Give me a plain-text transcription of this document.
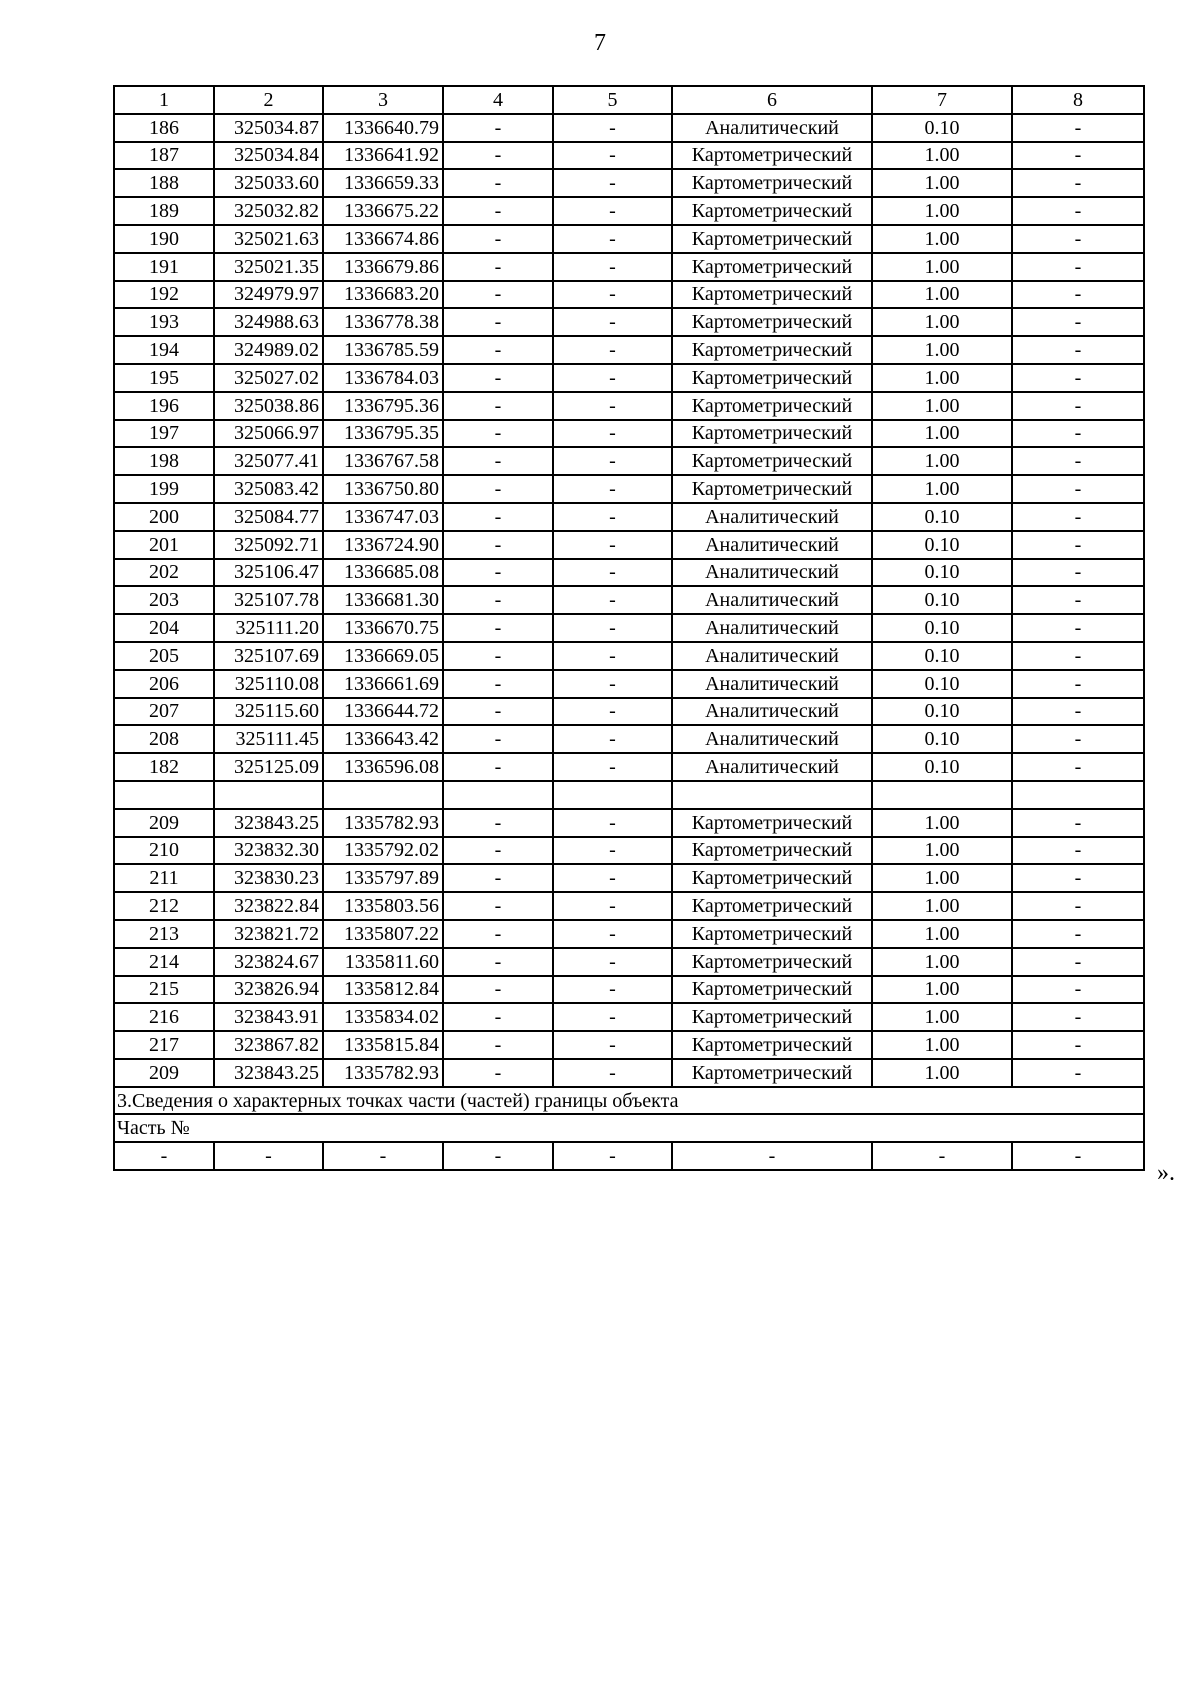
7
1	2	3	4	5	6	7	8
186	325034.87	1336640.79	-	-	Аналитический	0.10	-
187	325034.84	1336641.92	-	-	Картометрический	1.00	-
188	325033.60	1336659.33	-	-	Картометрический	1.00	-
189	325032.82	1336675.22	-	-	Картометрический	1.00	-
190	325021.63	1336674.86	-	-	Картометрический	1.00	-
191	325021.35	1336679.86	-	-	Картометрический	1.00	-
192	324979.97	1336683.20	-	-	Картометрический	1.00	-
193	324988.63	1336778.38	-	-	Картометрический	1.00	-
194	324989.02	1336785.59	-	-	Картометрический	1.00	-
195	325027.02	1336784.03	-	-	Картометрический	1.00	-
196	325038.86	1336795.36	-	-	Картометрический	1.00	-
197	325066.97	1336795.35	-	-	Картометрический	1.00	-
198	325077.41	1336767.58	-	-	Картометрический	1.00	-
199	325083.42	1336750.80	-	-	Картометрический	1.00	-
200	325084.77	1336747.03	-	-	Аналитический	0.10	-
201	325092.71	1336724.90	-	-	Аналитический	0.10	-
202	325106.47	1336685.08	-	-	Аналитический	0.10	-
203	325107.78	1336681.30	-	-	Аналитический	0.10	-
204	325111.20	1336670.75	-	-	Аналитический	0.10	-
205	325107.69	1336669.05	-	-	Аналитический	0.10	-
206	325110.08	1336661.69	-	-	Аналитический	0.10	-
207	325115.60	1336644.72	-	-	Аналитический	0.10	-
208	325111.45	1336643.42	-	-	Аналитический	0.10	-
182	325125.09	1336596.08	-	-	Аналитический	0.10	-

209	323843.25	1335782.93	-	-	Картометрический	1.00	-
210	323832.30	1335792.02	-	-	Картометрический	1.00	-
211	323830.23	1335797.89	-	-	Картометрический	1.00	-
212	323822.84	1335803.56	-	-	Картометрический	1.00	-
213	323821.72	1335807.22	-	-	Картометрический	1.00	-
214	323824.67	1335811.60	-	-	Картометрический	1.00	-
215	323826.94	1335812.84	-	-	Картометрический	1.00	-
216	323843.91	1335834.02	-	-	Картометрический	1.00	-
217	323867.82	1335815.84	-	-	Картометрический	1.00	-
209	323843.25	1335782.93	-	-	Картометрический	1.00	-
3.Сведения о характерных точках части (частей) границы объекта							
Часть №							
-	-	-	-	-	-	-	-
».
